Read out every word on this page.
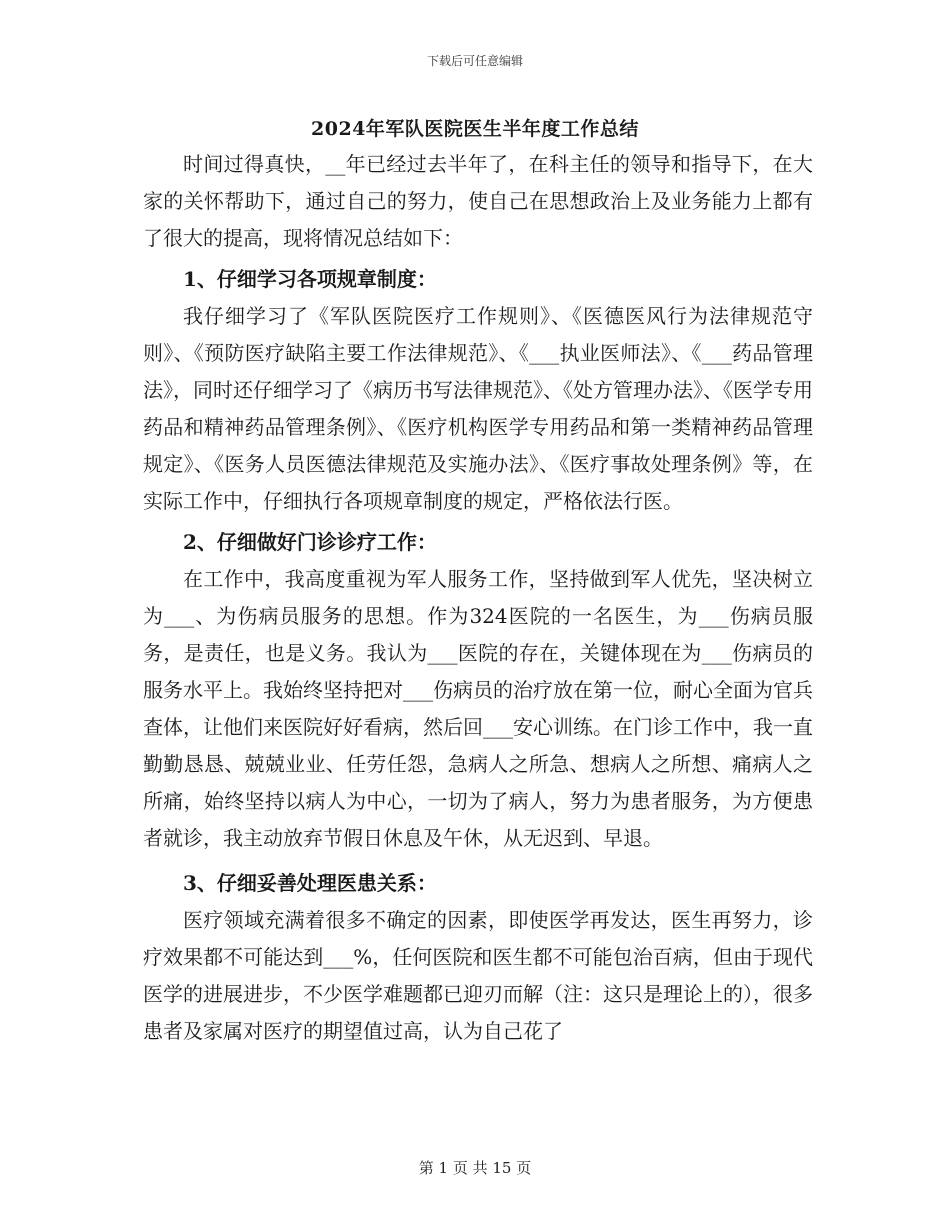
下载后可任意编辑
2024年军队医院医生半年度工作总结

时间过得真快，__年已经过去半年了，在科主任的领导和指导下，在大家的关怀帮助下，通过自己的努力，使自己在思想政治上及业务能力上都有了很大的提高，现将情况总结如下：

1、仔细学习各项规章制度：

我仔细学习了《军队医院医疗工作规则》、《医德医风行为法律规范守则》、《预防医疗缺陷主要工作法律规范》、《___执业医师法》、《___药品管理法》，同时还仔细学习了《病历书写法律规范》、《处方管理办法》、《医学专用药品和精神药品管理条例》、《医疗机构医学专用药品和第一类精神药品管理规定》、《医务人员医德法律规范及实施办法》、《医疗事故处理条例》等，在实际工作中，仔细执行各项规章制度的规定，严格依法行医。

2、仔细做好门诊诊疗工作：

在工作中，我高度重视为军人服务工作，坚持做到军人优先，坚决树立为___、为伤病员服务的思想。作为324医院的一名医生，为___伤病员服务，是责任，也是义务。我认为___医院的存在，关键体现在为___伤病员的服务水平上。我始终坚持把对___伤病员的治疗放在第一位，耐心全面为官兵查体，让他们来医院好好看病，然后回___安心训练。在门诊工作中，我一直勤勤恳恳、兢兢业业、任劳任怨，急病人之所急、想病人之所想、痛病人之所痛，始终坚持以病人为中心，一切为了病人，努力为患者服务，为方便患者就诊，我主动放弃节假日休息及午休，从无迟到、早退。

3、仔细妥善处理医患关系：

医疗领域充满着很多不确定的因素，即使医学再发达，医生再努力，诊疗效果都不可能达到___%，任何医院和医生都不可能包治百病，但由于现代医学的进展进步，不少医学难题都已迎刃而解（注：这只是理论上的），很多患者及家属对医疗的期望值过高，认为自己花了

第 1 页 共 15 页
